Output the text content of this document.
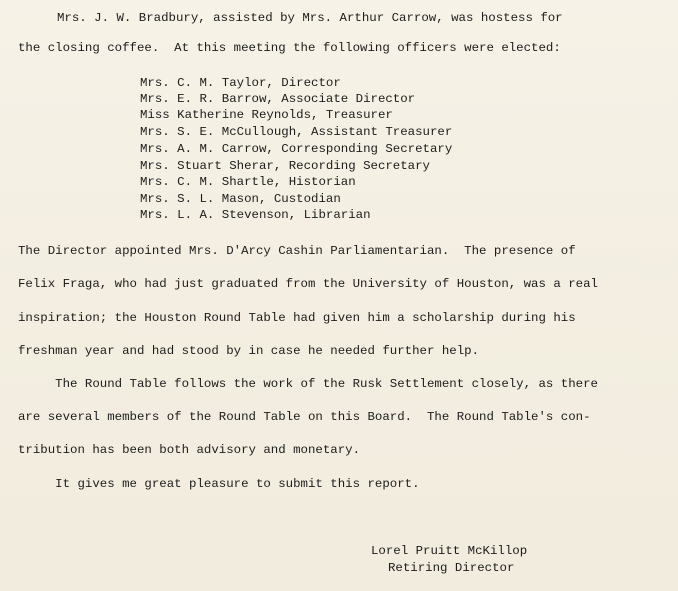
Mrs. J. W. Bradbury, assisted by Mrs. Arthur Carrow, was hostess for

the closing coffee.  At this meeting the following officers were elected:

Mrs. C. M. Taylor, Director

Mrs. E. R. Barrow, Associate Director

Miss Katherine Reynolds, Treasurer

Mrs. S. E. McCullough, Assistant Treasurer

Mrs. A. M. Carrow, Corresponding Secretary

Mrs. Stuart Sherar, Recording Secretary

Mrs. C. M. Shartle, Historian

Mrs. S. L. Mason, Custodian

Mrs. L. A. Stevenson, Librarian

The Director appointed Mrs. D'Arcy Cashin Parliamentarian.  The presence of

Felix Fraga, who had just graduated from the University of Houston, was a real

inspiration; the Houston Round Table had given him a scholarship during his

freshman year and had stood by in case he needed further help.

The Round Table follows the work of the Rusk Settlement closely, as there

are several members of the Round Table on this Board.  The Round Table's con-

tribution has been both advisory and monetary.

It gives me great pleasure to submit this report.

Lorel Pruitt McKillop

Retiring Director
